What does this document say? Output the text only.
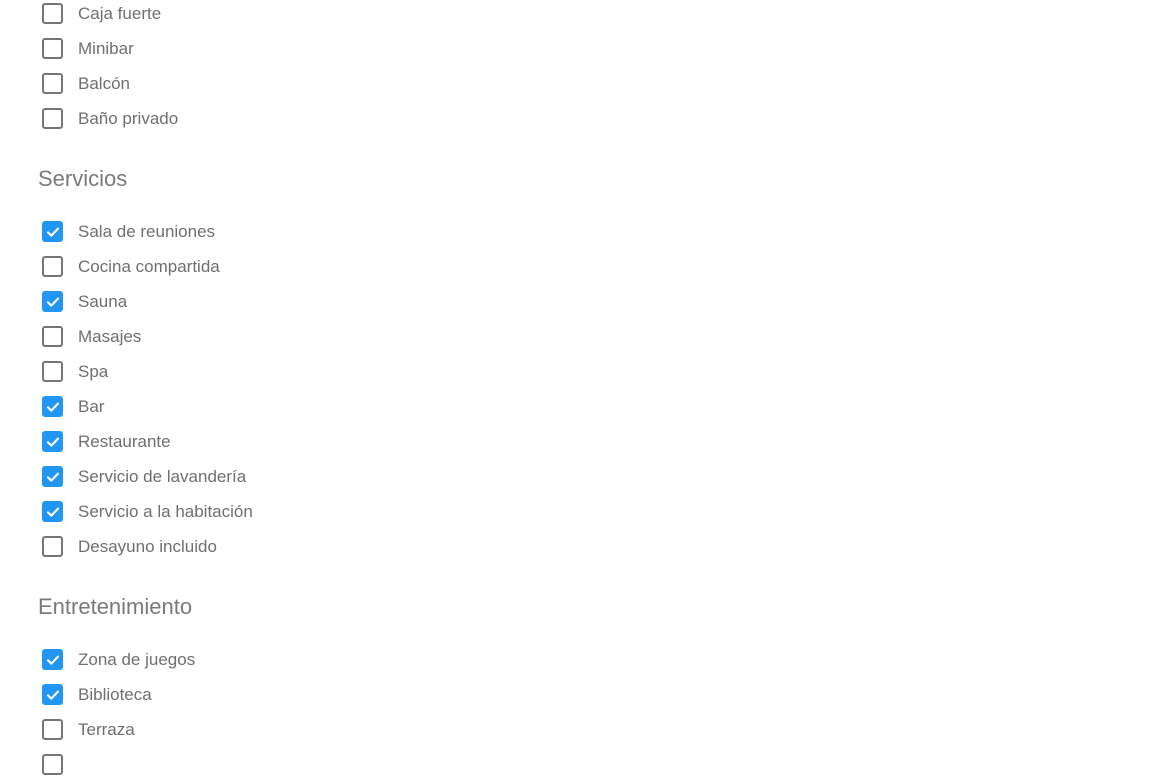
Caja fuerte
Minibar
Balcón
Baño privado
Servicios
Sala de reuniones
Cocina compartida
Sauna
Masajes
Spa
Bar
Restaurante
Servicio de lavandería
Servicio a la habitación
Desayuno incluido
Entretenimiento
Zona de juegos
Biblioteca
Terraza
